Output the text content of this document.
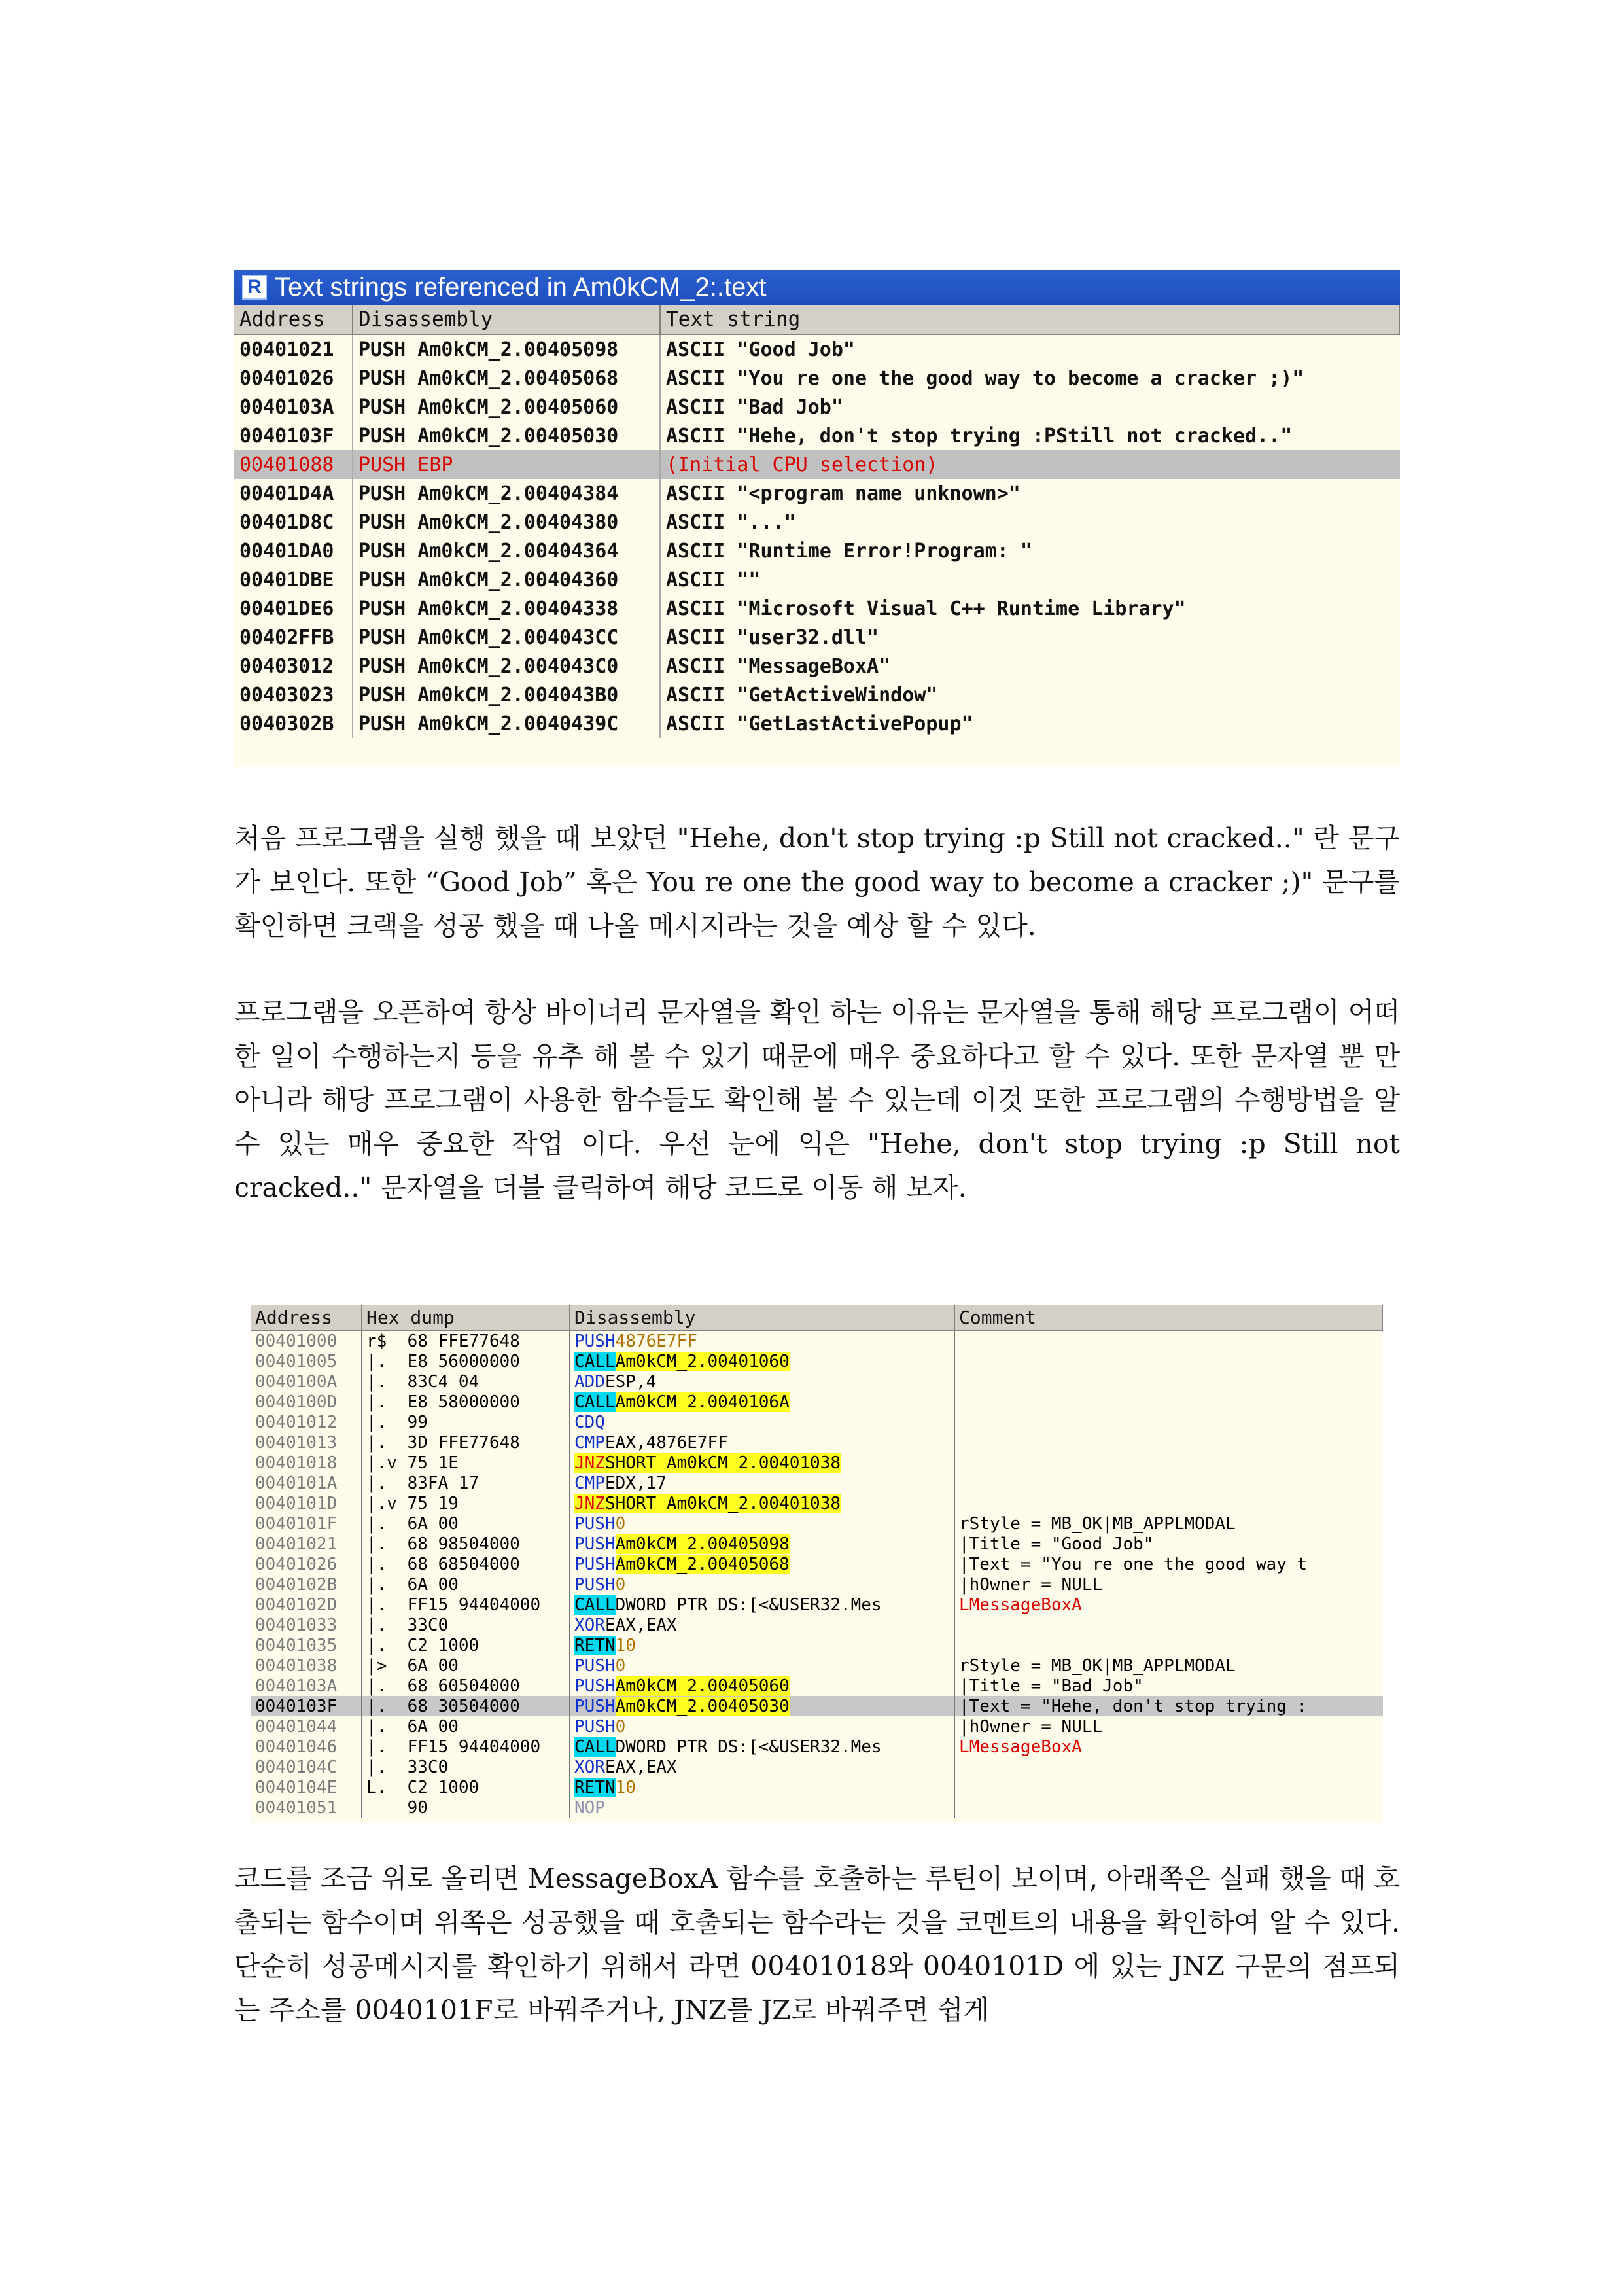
R Text strings referenced in Am0kCM_2:.text
Address	Disassembly	Text string
00401021	PUSH Am0kCM_2.00405098	ASCII "Good Job"
00401026	PUSH Am0kCM_2.00405068	ASCII "You re one the good way to become a cracker ;)"
0040103A	PUSH Am0kCM_2.00405060	ASCII "Bad Job"
0040103F	PUSH Am0kCM_2.00405030	ASCII "Hehe, don't stop trying :PStill not cracked.."
00401088	PUSH EBP	(Initial CPU selection)
00401D4A	PUSH Am0kCM_2.00404384	ASCII "<program name unknown>"
00401D8C	PUSH Am0kCM_2.00404380	ASCII "..."
00401DA0	PUSH Am0kCM_2.00404364	ASCII "Runtime Error!Program: "
00401DBE	PUSH Am0kCM_2.00404360	ASCII ""
00401DE6	PUSH Am0kCM_2.00404338	ASCII "Microsoft Visual C++ Runtime Library"
00402FFB	PUSH Am0kCM_2.004043CC	ASCII "user32.dll"
00403012	PUSH Am0kCM_2.004043C0	ASCII "MessageBoxA"
00403023	PUSH Am0kCM_2.004043B0	ASCII "GetActiveWindow"
0040302B	PUSH Am0kCM_2.0040439C	ASCII "GetLastActivePopup"

처음 프로그램을 실행 했을 때 보았던 "Hehe, don't stop trying :p Still not cracked.." 란 문구가 보인다. 또한 “Good Job” 혹은 You re one the good way to become a cracker ;)" 문구를 확인하면 크랙을 성공 했을 때 나올 메시지라는 것을 예상 할 수 있다.

프로그램을 오픈하여 항상 바이너리 문자열을 확인 하는 이유는 문자열을 통해 해당 프로그램이 어떠한 일이 수행하는지 등을 유추 해 볼 수 있기 때문에 매우 중요하다고 할 수 있다. 또한 문자열 뿐 만 아니라 해당 프로그램이 사용한 함수들도 확인해 볼 수 있는데 이것 또한 프로그램의 수행방법을 알 수 있는 매우 중요한 작업 이다. 우선 눈에 익은 "Hehe, don't stop trying :p Still not cracked.." 문자열을 더블 클릭하여 해당 코드로 이동 해 보자.

Address	Hex dump	Disassembly	Comment
00401000	r$  68 FFE77648	PUSH 4876E7FF
00401005	|.  E8 56000000	CALL Am0kCM_2.00401060
0040100A	|.  83C4 04	ADD ESP,4
0040100D	|.  E8 58000000	CALL Am0kCM_2.0040106A
00401012	|.  99	CDQ
00401013	|.  3D FFE77648	CMP EAX,4876E7FF
00401018	|.v 75 1E	JNZ SHORT Am0kCM_2.00401038
0040101A	|.  83FA 17	CMP EDX,17
0040101D	|.v 75 19	JNZ SHORT Am0kCM_2.00401038
0040101F	|.  6A 00	PUSH 0	rStyle = MB_OK|MB_APPLMODAL
00401021	|.  68 98504000	PUSH Am0kCM_2.00405098	|Title = "Good Job"
00401026	|.  68 68504000	PUSH Am0kCM_2.00405068	|Text = "You re one the good way t
0040102B	|.  6A 00	PUSH 0	|hOwner = NULL
0040102D	|.  FF15 94404000	CALL DWORD PTR DS:[<&USER32.Mes	LMessageBoxA
00401033	|.  33C0	XOR EAX,EAX
00401035	|.  C2 1000	RETN 10
00401038	|>  6A 00	PUSH 0	rStyle = MB_OK|MB_APPLMODAL
0040103A	|.  68 60504000	PUSH Am0kCM_2.00405060	|Title = "Bad Job"
0040103F	|.  68 30504000	PUSH Am0kCM_2.00405030	|Text = "Hehe, don't stop trying :
00401044	|.  6A 00	PUSH 0	|hOwner = NULL
00401046	|.  FF15 94404000	CALL DWORD PTR DS:[<&USER32.Mes	LMessageBoxA
0040104C	|.  33C0	XOR EAX,EAX
0040104E	L.  C2 1000	RETN 10
00401051	90	NOP

코드를 조금 위로 올리면 MessageBoxA 함수를 호출하는 루틴이 보이며, 아래쪽은 실패 했을 때 호출되는 함수이며 위쪽은 성공했을 때 호출되는 함수라는 것을 코멘트의 내용을 확인하여 알 수 있다. 단순히 성공메시지를 확인하기 위해서 라면 00401018와 0040101D 에 있는 JNZ 구문의 점프되는 주소를 0040101F로 바꿔주거나, JNZ를 JZ로 바꿔주면 쉽게
